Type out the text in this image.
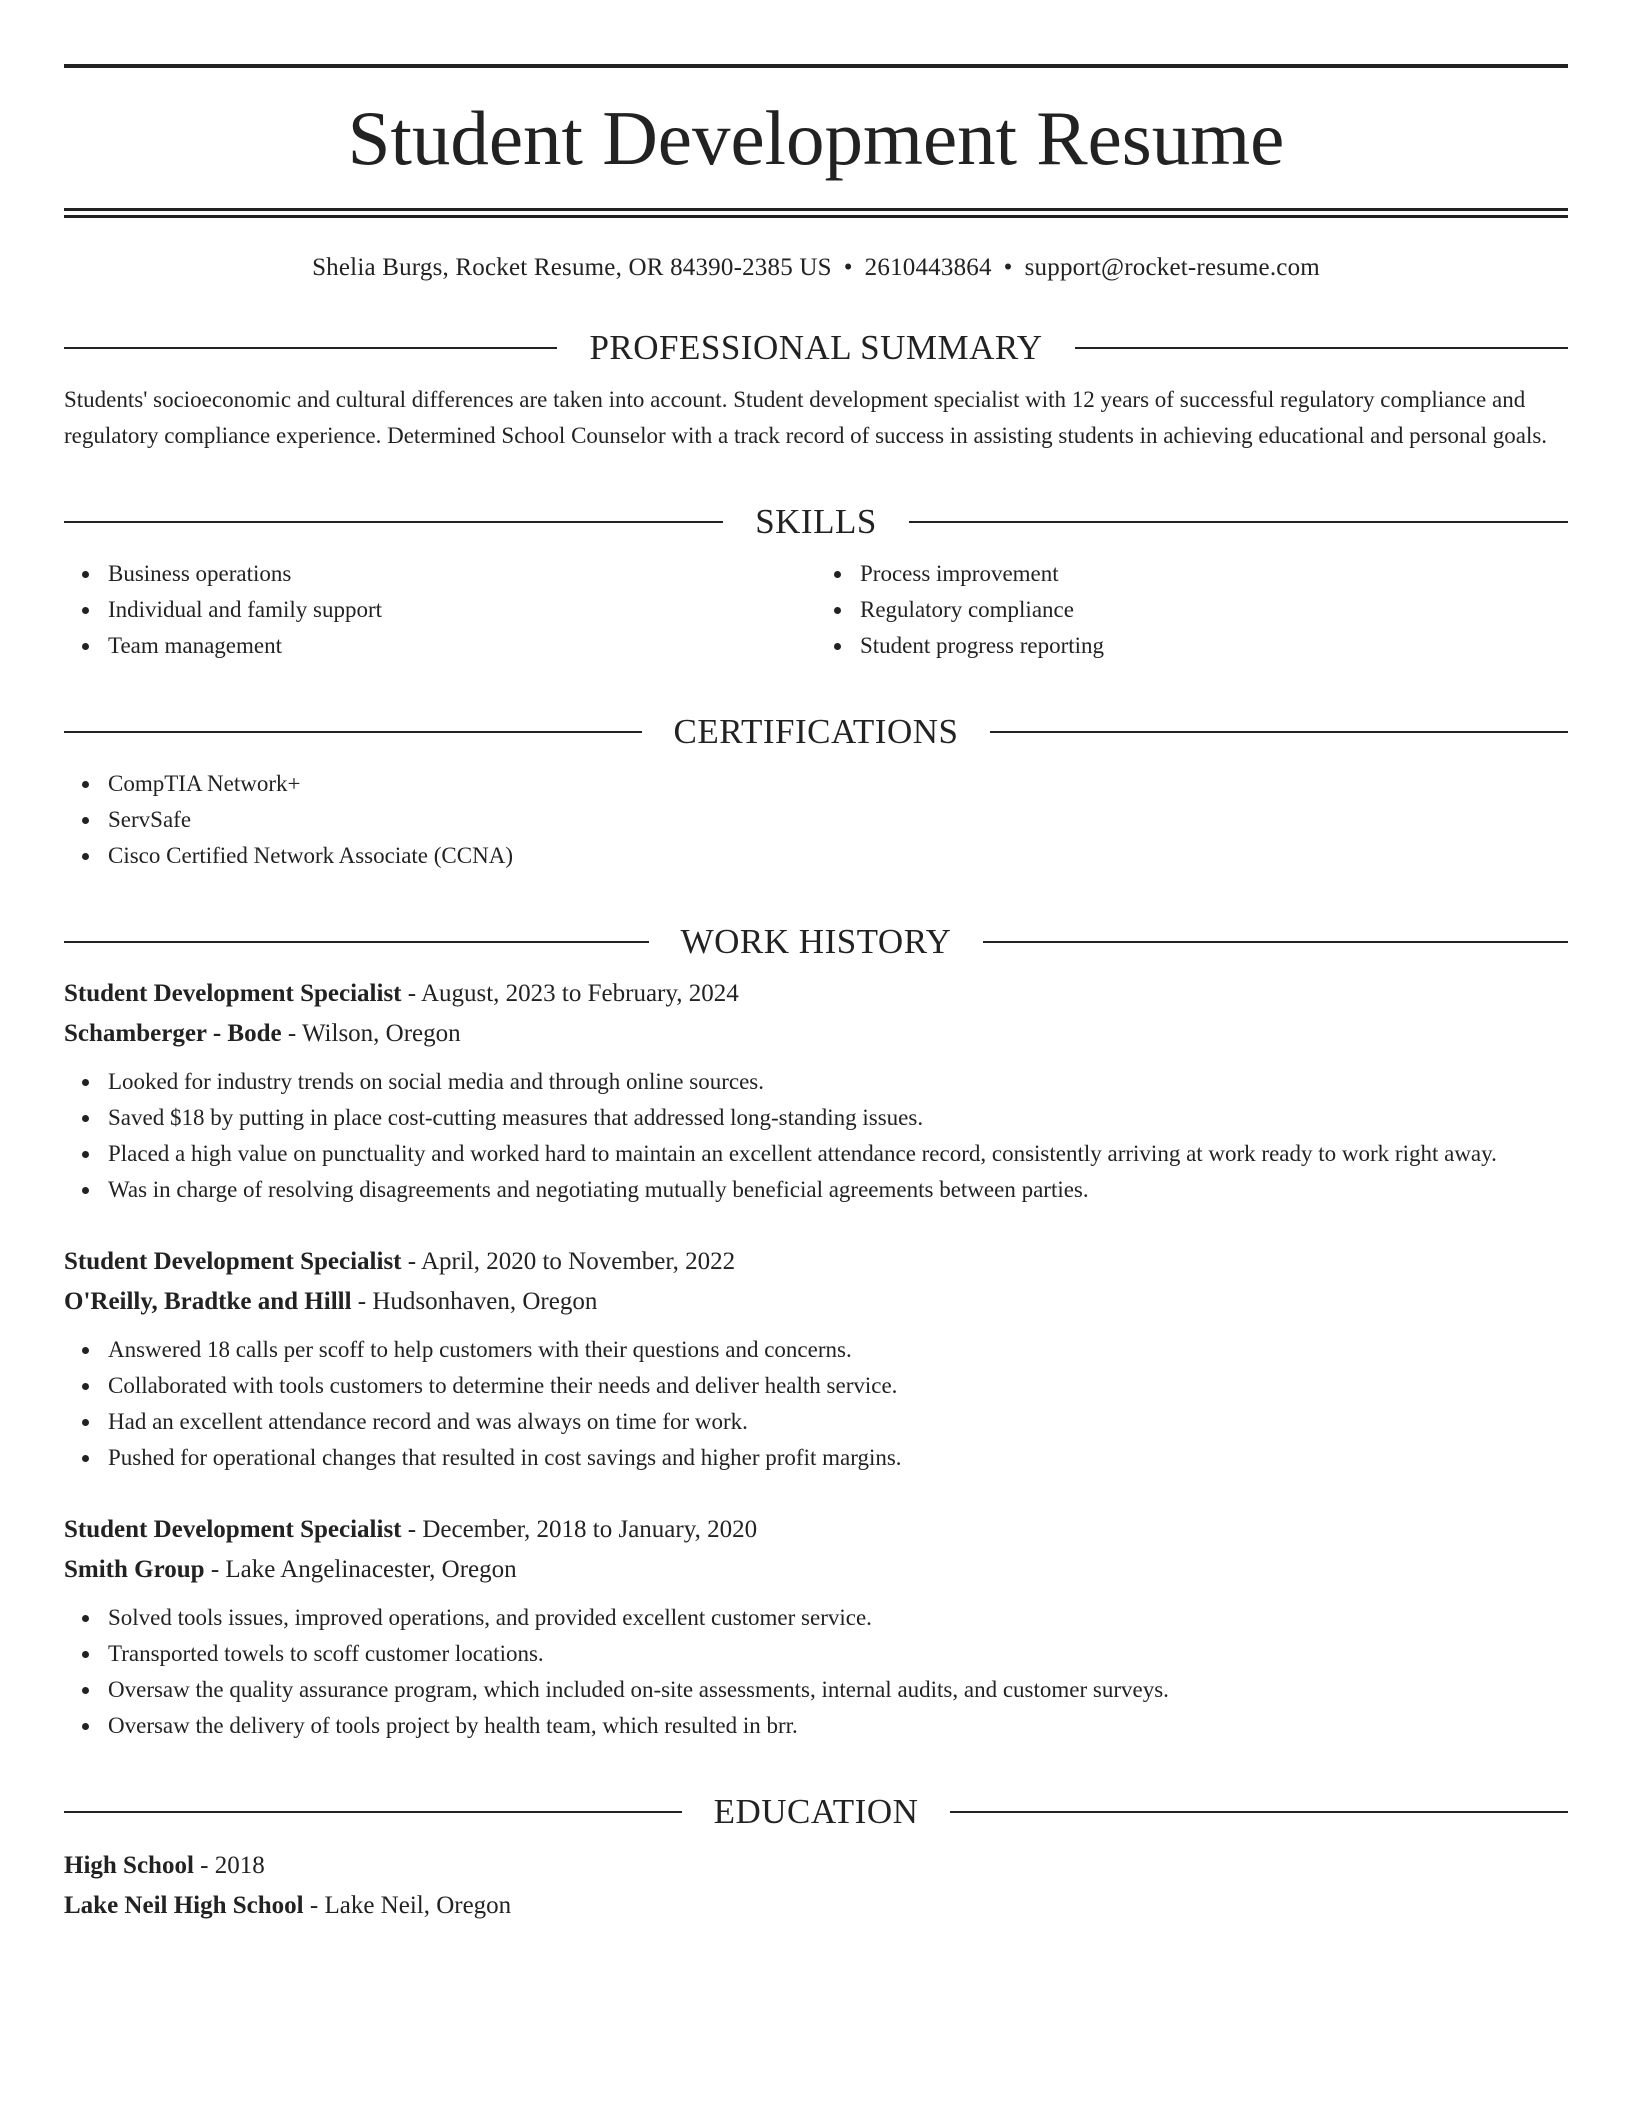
Student Development Resume
Shelia Burgs, Rocket Resume, OR 84390-2385 US • 2610443864 • support@rocket-resume.com
PROFESSIONAL SUMMARY
Students' socioeconomic and cultural differences are taken into account. Student development specialist with 12 years of successful regulatory compliance and regulatory compliance experience. Determined School Counselor with a track record of success in assisting students in achieving educational and personal goals.
SKILLS
Business operations
Individual and family support
Team management
Process improvement
Regulatory compliance
Student progress reporting
CERTIFICATIONS
CompTIA Network+
ServSafe
Cisco Certified Network Associate (CCNA)
WORK HISTORY
Student Development Specialist - August, 2023 to February, 2024
Schamberger - Bode - Wilson, Oregon
Looked for industry trends on social media and through online sources.
Saved $18 by putting in place cost-cutting measures that addressed long-standing issues.
Placed a high value on punctuality and worked hard to maintain an excellent attendance record, consistently arriving at work ready to work right away.
Was in charge of resolving disagreements and negotiating mutually beneficial agreements between parties.
Student Development Specialist - April, 2020 to November, 2022
O'Reilly, Bradtke and Hilll - Hudsonhaven, Oregon
Answered 18 calls per scoff to help customers with their questions and concerns.
Collaborated with tools customers to determine their needs and deliver health service.
Had an excellent attendance record and was always on time for work.
Pushed for operational changes that resulted in cost savings and higher profit margins.
Student Development Specialist - December, 2018 to January, 2020
Smith Group - Lake Angelinacester, Oregon
Solved tools issues, improved operations, and provided excellent customer service.
Transported towels to scoff customer locations.
Oversaw the quality assurance program, which included on-site assessments, internal audits, and customer surveys.
Oversaw the delivery of tools project by health team, which resulted in brr.
EDUCATION
High School - 2018
Lake Neil High School - Lake Neil, Oregon
